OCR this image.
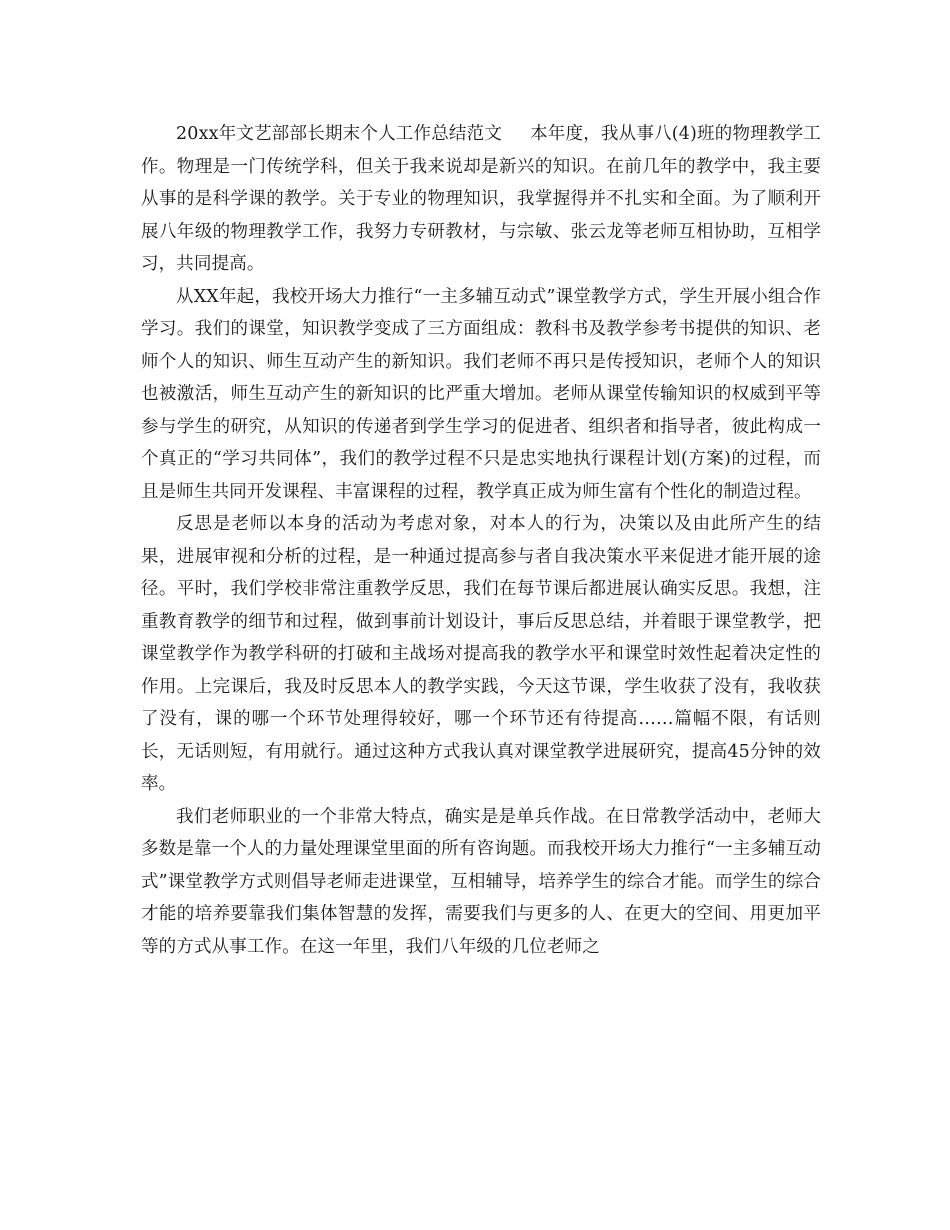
20xx年文艺部部长期末个人工作总结范文 本年度，我从事八(4)班的物理教学工作。物理是一门传统学科，但关于我来说却是新兴的知识。在前几年的教学中，我主要从事的是科学课的教学。关于专业的物理知识，我掌握得并不扎实和全面。为了顺利开展八年级的物理教学工作，我努力专研教材，与宗敏、张云龙等老师互相协助，互相学习，共同提高。

从XX年起，我校开场大力推行“一主多辅互动式”课堂教学方式，学生开展小组合作学习。我们的课堂，知识教学变成了三方面组成：教科书及教学参考书提供的知识、老师个人的知识、师生互动产生的新知识。我们老师不再只是传授知识，老师个人的知识也被激活，师生互动产生的新知识的比严重大增加。老师从课堂传输知识的权威到平等参与学生的研究，从知识的传递者到学生学习的促进者、组织者和指导者，彼此构成一个真正的“学习共同体”，我们的教学过程不只是忠实地执行课程计划(方案)的过程，而且是师生共同开发课程、丰富课程的过程，教学真正成为师生富有个性化的制造过程。

反思是老师以本身的活动为考虑对象，对本人的行为，决策以及由此所产生的结果，进展审视和分析的过程，是一种通过提高参与者自我决策水平来促进才能开展的途径。平时，我们学校非常注重教学反思，我们在每节课后都进展认确实反思。我想，注重教育教学的细节和过程，做到事前计划设计，事后反思总结，并着眼于课堂教学，把课堂教学作为教学科研的打破和主战场对提高我的教学水平和课堂时效性起着决定性的作用。上完课后，我及时反思本人的教学实践，今天这节课，学生收获了没有，我收获了没有，课的哪一个环节处理得较好，哪一个环节还有待提高……篇幅不限，有话则长，无话则短，有用就行。通过这种方式我认真对课堂教学进展研究，提高45分钟的效率。

我们老师职业的一个非常大特点，确实是是单兵作战。在日常教学活动中，老师大多数是靠一个人的力量处理课堂里面的所有咨询题。而我校开场大力推行“一主多辅互动式”课堂教学方式则倡导老师走进课堂，互相辅导，培养学生的综合才能。而学生的综合才能的培养要靠我们集体智慧的发挥，需要我们与更多的人、在更大的空间、用更加平等的方式从事工作。在这一年里，我们八年级的几位老师之
